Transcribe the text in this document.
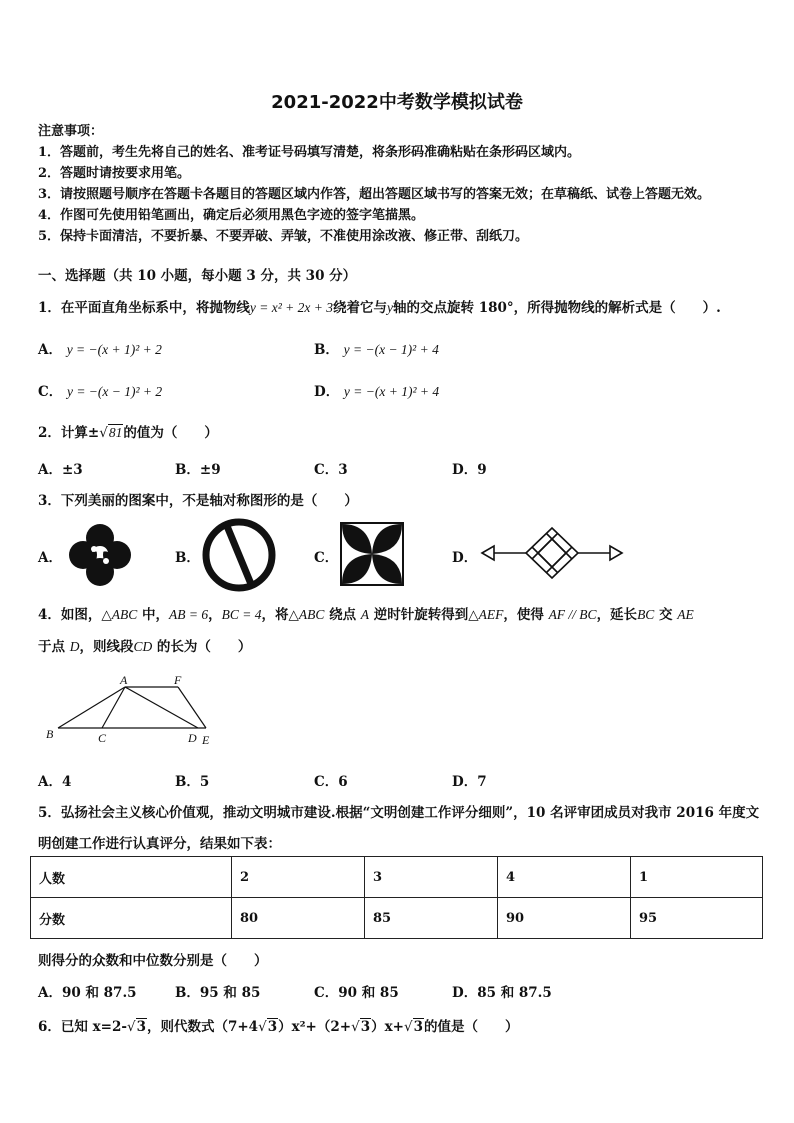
2021-2022中考数学模拟试卷
注意事项：
1．答题前，考生先将自己的姓名、准考证号码填写清楚，将条形码准确粘贴在条形码区域内。
2．答题时请按要求用笔。
3．请按照题号顺序在答题卡各题目的答题区域内作答，超出答题区域书写的答案无效；在草稿纸、试卷上答题无效。
4．作图可先使用铅笔画出，确定后必须用黑色字迹的签字笔描黑。
5．保持卡面清洁，不要折暴、不要弄破、弄皱，不准使用涂改液、修正带、刮纸刀。
一、选择题（共 10 小题，每小题 3 分，共 30 分）
1．在平面直角坐标系中，将抛物线y = x² + 2x + 3绕着它与y轴的交点旋转 180°，所得抛物线的解析式是（　　）.
A． y = −(x + 1)² + 2	B． y = −(x − 1)² + 4
C． y = −(x − 1)² + 2	D． y = −(x + 1)² + 4
2．计算±√81的值为（　　）
A．±3	B．±9	C．3	D．9
3．下列美丽的图案中，不是轴对称图形的是（　　）
A．	B．	C．	D．
4．如图，△ABC 中，AB = 6，BC = 4，将△ABC 绕点 A 逆时针旋转得到△AEF，使得 AF // BC，延长BC 交 AE
于点 D，则线段CD 的长为（　　）
A	F
B	C	D E
A．4	B．5	C．6	D．7
5．弘扬社会主义核心价值观，推动文明城市建设.根据“文明创建工作评分细则”，10 名评审团成员对我市 2016 年度文
明创建工作进行认真评分，结果如下表：
人数	2	3	4	1
分数	80	85	90	95
则得分的众数和中位数分别是（　　）
A．90 和 87.5	B．95 和 85	C．90 和 85	D．85 和 87.5
6．已知 x=2-√3，则代数式（7+4√3）x²+（2+√3）x+√3的值是（　　）
